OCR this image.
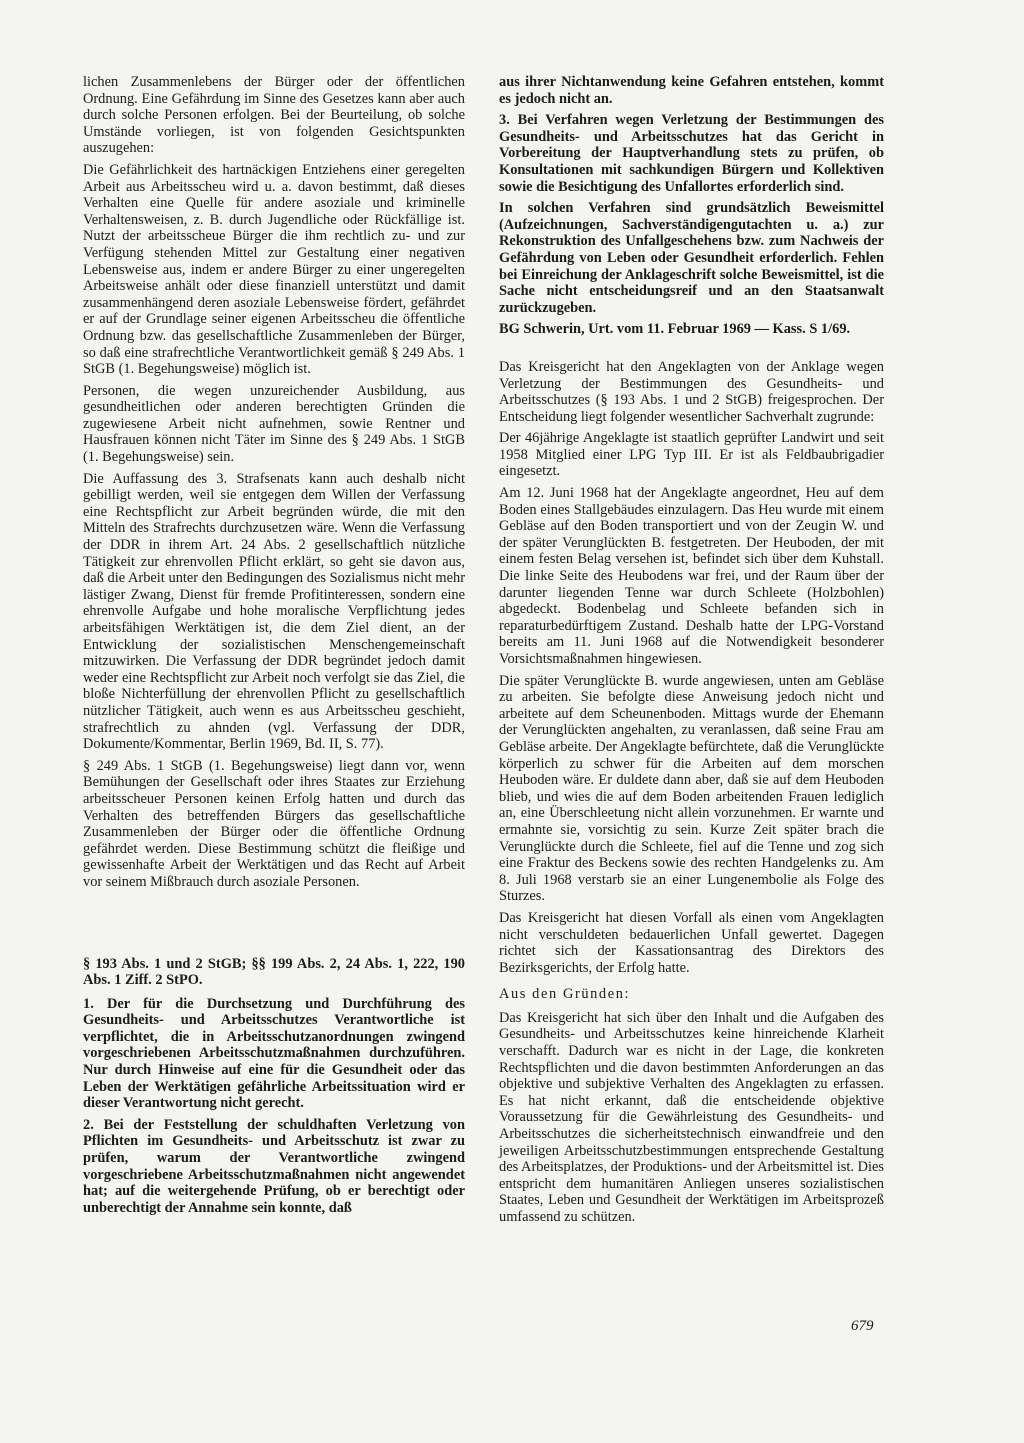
lichen Zusammenlebens der Bürger oder der öffentlichen Ordnung. Eine Gefährdung im Sinne des Gesetzes kann aber auch durch solche Personen erfolgen. Bei der Beurteilung, ob solche Umstände vorliegen, ist von folgenden Gesichtspunkten auszugehen:

Die Gefährlichkeit des hartnäckigen Entziehens einer geregelten Arbeit aus Arbeitsscheu wird u. a. davon bestimmt, daß dieses Verhalten eine Quelle für andere asoziale und kriminelle Verhaltensweisen, z. B. durch Jugendliche oder Rückfällige ist. Nutzt der arbeitsscheue Bürger die ihm rechtlich zu- und zur Verfügung stehenden Mittel zur Gestaltung einer negativen Lebensweise aus, indem er andere Bürger zu einer ungeregelten Arbeitsweise anhält oder diese finanziell unterstützt und damit zusammenhängend deren asoziale Lebensweise fördert, gefährdet er auf der Grundlage seiner eigenen Arbeitsscheu die öffentliche Ordnung bzw. das gesellschaftliche Zusammenleben der Bürger, so daß eine strafrechtliche Verantwortlichkeit gemäß § 249 Abs. 1 StGB (1. Begehungsweise) möglich ist.

Personen, die wegen unzureichender Ausbildung, aus gesundheitlichen oder anderen berechtigten Gründen die zugewiesene Arbeit nicht aufnehmen, sowie Rentner und Hausfrauen können nicht Täter im Sinne des § 249 Abs. 1 StGB (1. Begehungsweise) sein.

Die Auffassung des 3. Strafsenats kann auch deshalb nicht gebilligt werden, weil sie entgegen dem Willen der Verfassung eine Rechtspflicht zur Arbeit begründen würde, die mit den Mitteln des Strafrechts durchzusetzen wäre. Wenn die Verfassung der DDR in ihrem Art. 24 Abs. 2 gesellschaftlich nützliche Tätigkeit zur ehrenvollen Pflicht erklärt, so geht sie davon aus, daß die Arbeit unter den Bedingungen des Sozialismus nicht mehr lästiger Zwang, Dienst für fremde Profitinteressen, sondern eine ehrenvolle Aufgabe und hohe moralische Verpflichtung jedes arbeitsfähigen Werktätigen ist, die dem Ziel dient, an der Entwicklung der sozialistischen Menschengemeinschaft mitzuwirken. Die Verfassung der DDR begründet jedoch damit weder eine Rechtspflicht zur Arbeit noch verfolgt sie das Ziel, die bloße Nichterfüllung der ehrenvollen Pflicht zu gesellschaftlich nützlicher Tätigkeit, auch wenn es aus Arbeitsscheu geschieht, strafrechtlich zu ahnden (vgl. Verfassung der DDR, Dokumente/Kommentar, Berlin 1969, Bd. II, S. 77).

§ 249 Abs. 1 StGB (1. Begehungsweise) liegt dann vor, wenn Bemühungen der Gesellschaft oder ihres Staates zur Erziehung arbeitsscheuer Personen keinen Erfolg hatten und durch das Verhalten des betreffenden Bürgers das gesellschaftliche Zusammenleben der Bürger oder die öffentliche Ordnung gefährdet werden. Diese Bestimmung schützt die fleißige und gewissenhafte Arbeit der Werktätigen und das Recht auf Arbeit vor seinem Mißbrauch durch asoziale Personen.

§ 193 Abs. 1 und 2 StGB; §§ 199 Abs. 2, 24 Abs. 1, 222, 190 Abs. 1 Ziff. 2 StPO.

1. Der für die Durchsetzung und Durchführung des Gesundheits- und Arbeitsschutzes Verantwortliche ist verpflichtet, die in Arbeitsschutzanordnungen zwingend vorgeschriebenen Arbeitsschutzmaßnahmen durchzuführen. Nur durch Hinweise auf eine für die Gesundheit oder das Leben der Werktätigen gefährliche Arbeitssituation wird er dieser Verantwortung nicht gerecht.

2. Bei der Feststellung der schuldhaften Verletzung von Pflichten im Gesundheits- und Arbeitsschutz ist zwar zu prüfen, warum der Verantwortliche zwingend vorgeschriebene Arbeitsschutzmaßnahmen nicht angewendet hat; auf die weitergehende Prüfung, ob er berechtigt oder unberechtigt der Annahme sein konnte, daß

aus ihrer Nichtanwendung keine Gefahren entstehen, kommt es jedoch nicht an.

3. Bei Verfahren wegen Verletzung der Bestimmungen des Gesundheits- und Arbeitsschutzes hat das Gericht in Vorbereitung der Hauptverhandlung stets zu prüfen, ob Konsultationen mit sachkundigen Bürgern und Kollektiven sowie die Besichtigung des Unfallortes erforderlich sind.

In solchen Verfahren sind grundsätzlich Beweismittel (Aufzeichnungen, Sachverständigengutachten u. a.) zur Rekonstruktion des Unfallgeschehens bzw. zum Nachweis der Gefährdung von Leben oder Gesundheit erforderlich. Fehlen bei Einreichung der Anklageschrift solche Beweismittel, ist die Sache nicht entscheidungsreif und an den Staatsanwalt zurückzugeben.

BG Schwerin, Urt. vom 11. Februar 1969 — Kass. S 1/69.

Das Kreisgericht hat den Angeklagten von der Anklage wegen Verletzung der Bestimmungen des Gesundheits- und Arbeitsschutzes (§ 193 Abs. 1 und 2 StGB) freigesprochen. Der Entscheidung liegt folgender wesentlicher Sachverhalt zugrunde:

Der 46jährige Angeklagte ist staatlich geprüfter Landwirt und seit 1958 Mitglied einer LPG Typ III. Er ist als Feldbaubrigadier eingesetzt.

Am 12. Juni 1968 hat der Angeklagte angeordnet, Heu auf dem Boden eines Stallgebäudes einzulagern. Das Heu wurde mit einem Gebläse auf den Boden transportiert und von der Zeugin W. und der später Verunglückten B. festgetreten. Der Heuboden, der mit einem festen Belag versehen ist, befindet sich über dem Kuhstall. Die linke Seite des Heubodens war frei, und der Raum über der darunter liegenden Tenne war durch Schleete (Holzbohlen) abgedeckt. Bodenbelag und Schleete befanden sich in reparaturbedürftigem Zustand. Deshalb hatte der LPG-Vorstand bereits am 11. Juni 1968 auf die Notwendigkeit besonderer Vorsichtsmaßnahmen hingewiesen.

Die später Verunglückte B. wurde angewiesen, unten am Gebläse zu arbeiten. Sie befolgte diese Anweisung jedoch nicht und arbeitete auf dem Scheunenboden. Mittags wurde der Ehemann der Verunglückten angehalten, zu veranlassen, daß seine Frau am Gebläse arbeite. Der Angeklagte befürchtete, daß die Verunglückte körperlich zu schwer für die Arbeiten auf dem morschen Heuboden wäre. Er duldete dann aber, daß sie auf dem Heuboden blieb, und wies die auf dem Boden arbeitenden Frauen lediglich an, eine Überschleetung nicht allein vorzunehmen. Er warnte und ermahnte sie, vorsichtig zu sein. Kurze Zeit später brach die Verunglückte durch die Schleete, fiel auf die Tenne und zog sich eine Fraktur des Beckens sowie des rechten Handgelenks zu. Am 8. Juli 1968 verstarb sie an einer Lungenembolie als Folge des Sturzes.

Das Kreisgericht hat diesen Vorfall als einen vom Angeklagten nicht verschuldeten bedauerlichen Unfall gewertet. Dagegen richtet sich der Kassationsantrag des Direktors des Bezirksgerichts, der Erfolg hatte.

Aus den Gründen:

Das Kreisgericht hat sich über den Inhalt und die Aufgaben des Gesundheits- und Arbeitsschutzes keine hinreichende Klarheit verschafft. Dadurch war es nicht in der Lage, die konkreten Rechtspflichten und die davon bestimmten Anforderungen an das objektive und subjektive Verhalten des Angeklagten zu erfassen. Es hat nicht erkannt, daß die entscheidende objektive Voraussetzung für die Gewährleistung des Gesundheits- und Arbeitsschutzes die sicherheitstechnisch einwandfreie und den jeweiligen Arbeitsschutzbestimmungen entsprechende Gestaltung des Arbeitsplatzes, der Produktions- und der Arbeitsmittel ist. Dies entspricht dem humanitären Anliegen unseres sozialistischen Staates, Leben und Gesundheit der Werktätigen im Arbeitsprozeß umfassend zu schützen.

679
